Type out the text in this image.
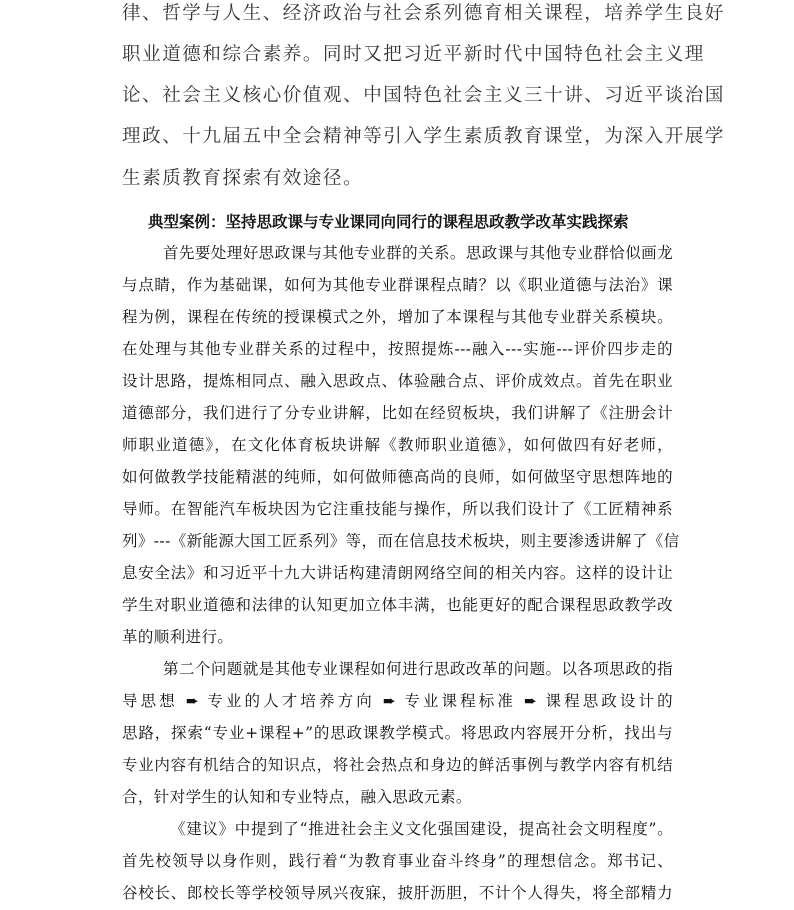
律、哲学与人生、经济政治与社会系列德育相关课程，培养学生良好

职业道德和综合素养。同时又把习近平新时代中国特色社会主义理

论、社会主义核心价值观、中国特色社会主义三十讲、习近平谈治国

理政、十九届五中全会精神等引入学生素质教育课堂，为深入开展学

生素质教育探索有效途径。

典型案例：坚持思政课与专业课同向同行的课程思政教学改革实践探索

首先要处理好思政课与其他专业群的关系。思政课与其他专业群恰似画龙

与点睛，作为基础课，如何为其他专业群课程点睛？以《职业道德与法治》课

程为例，课程在传统的授课模式之外，增加了本课程与其他专业群关系模块。

在处理与其他专业群关系的过程中，按照提炼---融入---实施---评价四步走的

设计思路，提炼相同点、融入思政点、体验融合点、评价成效点。首先在职业

道德部分，我们进行了分专业讲解，比如在经贸板块，我们讲解了《注册会计

师职业道德》，在文化体育板块讲解《教师职业道德》，如何做四有好老师，

如何做教学技能精湛的纯师，如何做师德高尚的良师，如何做坚守思想阵地的

导师。在智能汽车板块因为它注重技能与操作，所以我们设计了《工匠精神系

列》---《新能源大国工匠系列》等，而在信息技术板块，则主要渗透讲解了《信

息安全法》和习近平十九大讲话构建清朗网络空间的相关内容。这样的设计让

学生对职业道德和法律的认知更加立体丰满，也能更好的配合课程思政教学改

革的顺利进行。

第二个问题就是其他专业课程如何进行思政改革的问题。以各项思政的指

导思想 ➨ 专业的人才培养方向 ➨ 专业课程标准 ➨ 课程思政设计的

思路，探索“专业+课程+”的思政课教学模式。将思政内容展开分析，找出与

专业内容有机结合的知识点，将社会热点和身边的鲜活事例与教学内容有机结

合，针对学生的认知和专业特点，融入思政元素。

《建议》中提到了“推进社会主义文化强国建设，提高社会文明程度”。

首先校领导以身作则，践行着“为教育事业奋斗终身”的理想信念。郑书记、

谷校长、郎校长等学校领导夙兴夜寐，披肝沥胆，不计个人得失，将全部精力
